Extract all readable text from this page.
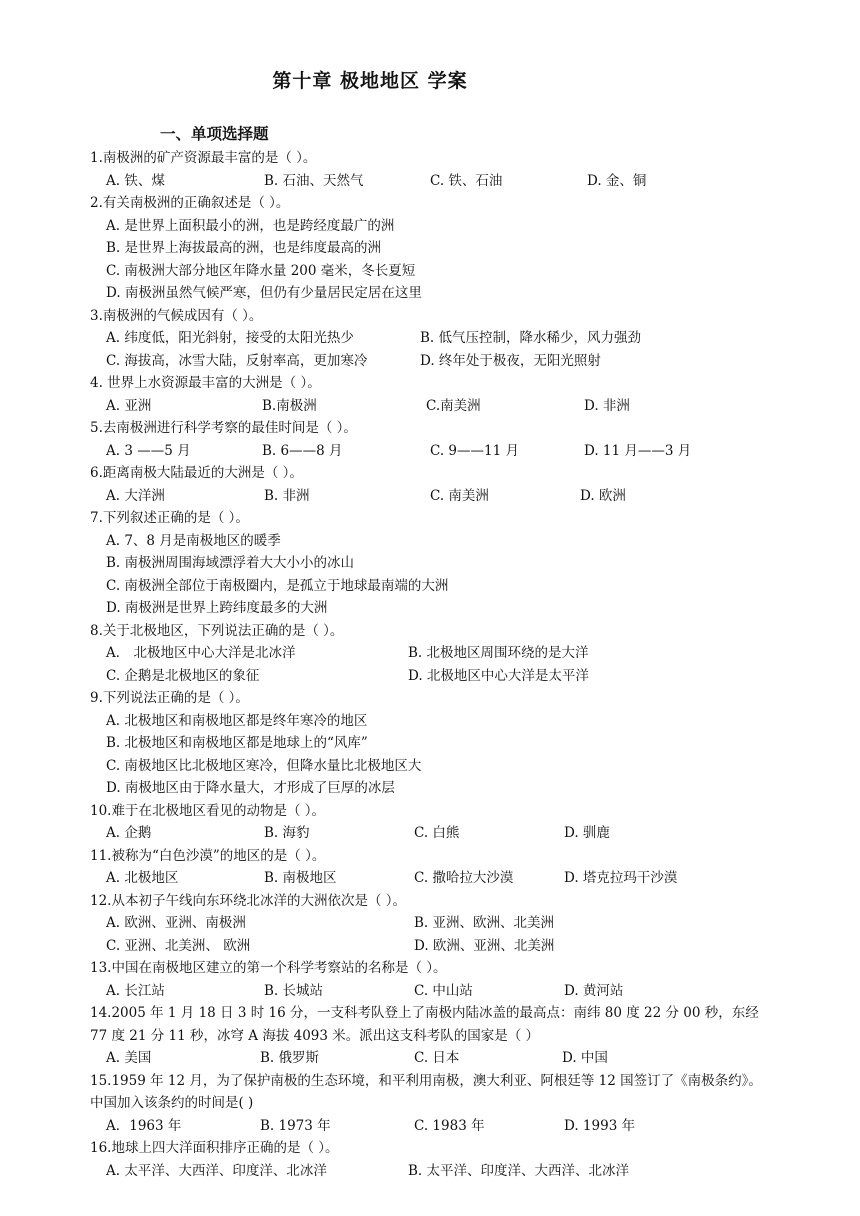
第十章 极地地区 学案
一、单项选择题
1.南极洲的矿产资源最丰富的是（ ）。
A. 铁、煤	B. 石油、天然气	C. 铁、石油	D. 金、铜
2.有关南极洲的正确叙述是（ ）。
A. 是世界上面积最小的洲，也是跨经度最广的洲
B. 是世界上海拔最高的洲，也是纬度最高的洲
C. 南极洲大部分地区年降水量 200 毫米，冬长夏短
D. 南极洲虽然气候严寒，但仍有少量居民定居在这里
3.南极洲的气候成因有（ ）。
A. 纬度低，阳光斜射，接受的太阳光热少	B. 低气压控制，降水稀少，风力强劲
C. 海拔高，冰雪大陆，反射率高，更加寒冷	D. 终年处于极夜，无阳光照射
4. 世界上水资源最丰富的大洲是（ ）。
A. 亚洲	B.南极洲	C.南美洲	D. 非洲
5.去南极洲进行科学考察的最佳时间是（ ）。
A. 3 ——5 月	B. 6——8 月	C. 9——11 月	D. 11 月——3 月
6.距离南极大陆最近的大洲是（ ）。
A. 大洋洲	B. 非洲	C. 南美洲	D. 欧洲
7.下列叙述正确的是（ ）。
A. 7、8 月是南极地区的暖季
B. 南极洲周围海域漂浮着大大小小的冰山
C. 南极洲全部位于南极圈内，是孤立于地球最南端的大洲
D. 南极洲是世界上跨纬度最多的大洲
8.关于北极地区，下列说法正确的是（ ）。
A． 北极地区中心大洋是北冰洋	B. 北极地区周围环绕的是大洋
C. 企鹅是北极地区的象征	D. 北极地区中心大洋是太平洋
9.下列说法正确的是（ ）。
A. 北极地区和南极地区都是终年寒冷的地区
B. 北极地区和南极地区都是地球上的“风库”
C. 南极地区比北极地区寒冷，但降水量比北极地区大
D. 南极地区由于降水量大，才形成了巨厚的冰层
10.难于在北极地区看见的动物是（ ）。
A. 企鹅	B. 海豹	C. 白熊	D. 驯鹿
11.被称为“白色沙漠”的地区的是（ ）。
A. 北极地区	B. 南极地区	C. 撒哈拉大沙漠	D. 塔克拉玛干沙漠
12.从本初子午线向东环绕北冰洋的大洲依次是（ ）。
A. 欧洲、亚洲、南极洲	B. 亚洲、欧洲、北美洲
C. 亚洲、北美洲、 欧洲	D. 欧洲、亚洲、北美洲
13.中国在南极地区建立的第一个科学考察站的名称是（ ）。
A. 长江站	B. 长城站	C. 中山站	D. 黄河站
14.2005 年 1 月 18 日 3 时 16 分，一支科考队登上了南极内陆冰盖的最高点：南纬 80 度 22 分 00 秒，东经 77 度 21 分 11 秒，冰穹 A 海拔 4093 米。派出这支科考队的国家是（ ）
A. 美国	B. 俄罗斯	C. 日本	D. 中国
15.1959 年 12 月，为了保护南极的生态环境，和平利用南极，澳大利亚、阿根廷等 12 国签订了《南极条约》。中国加入该条约的时间是( )
A．1963 年	B. 1973 年	C. 1983 年	D. 1993 年
16.地球上四大洋面积排序正确的是（ ）。
A. 太平洋、大西洋、印度洋、北冰洋	B. 太平洋、印度洋、大西洋、北冰洋
